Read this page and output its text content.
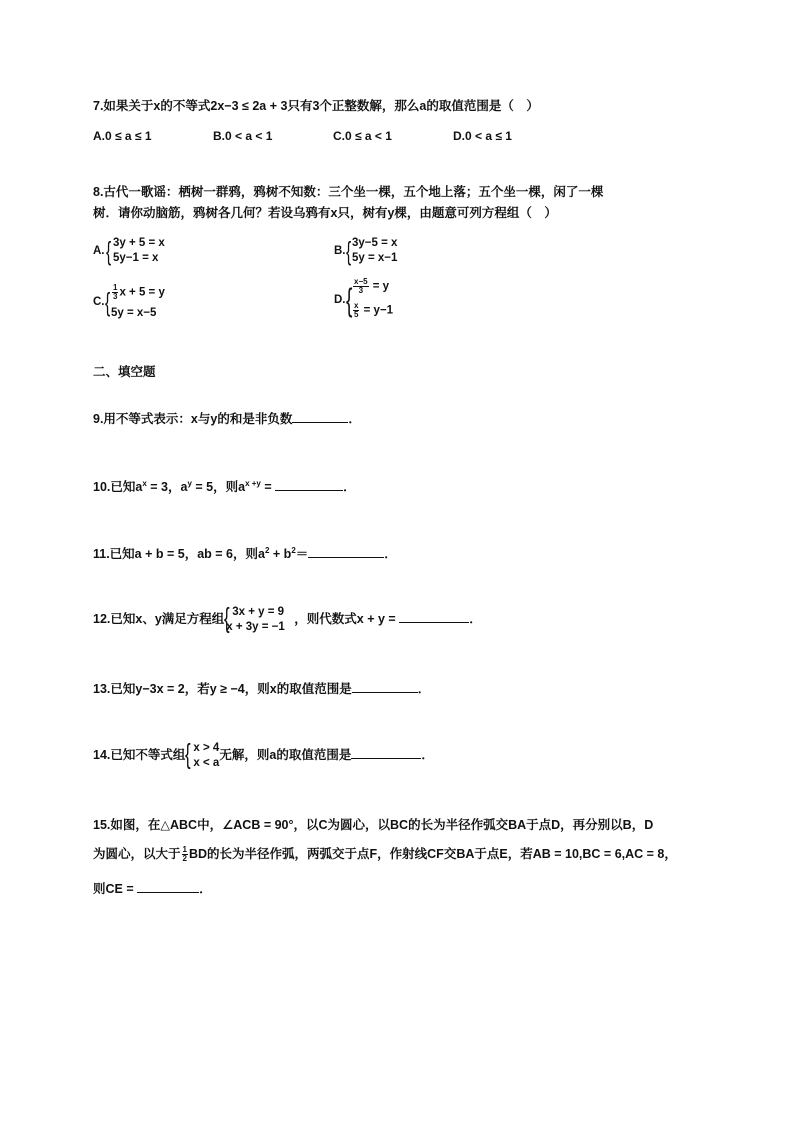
7.如果关于x的不等式2x−3 ≤ 2a + 3只有3个正整数解，那么a的取值范围是（　）
A.0 ≤ a ≤ 1	B.0 < a < 1	C.0 ≤ a < 1	D.0 < a ≤ 1
8.古代一歌谣：栖树一群鸦，鸦树不知数：三个坐一棵，五个地上落；五个坐一棵，闲了一棵
树．请你动脑筋，鸦树各几何？若设乌鸦有x只，树有y棵，由题意可列方程组（　）
A. { 3y + 5 = x
5y−1 = x
B. { 3y−5 = x
5y = x−1
C. { $\frac{1}{3}$ x + 5 = y
5y = x−5
D. { $\frac{x-5}{3} = y$
$\frac{x}{5} = y-1$
二、填空题
9.用不等式表示：x与y的和是非负数	．
10.已知$a^x = 3$，$a^y = 5$，则$a^{x +y}$ =	．
11.已知a + b = 5，ab = 6，则$a^2 + b^2=$	．
12.已知x、y满足方程组 { 3x + y = 9
x + 3y = −1
，则代数式x + y =	．
13.已知y−3x = 2，若y ≥ −4，则x的取值范围是	．
14.已知不等式组 { x > 4
x < a
无解，则a的取值范围是	．
15.如图，在△ABC中，∠ACB = 90°，以C为圆心，以BC的长为半径作弧交BA于点D，再分别以B，D
为圆心，以大于 $\frac{1}{2}$ BD的长为半径作弧，两弧交于点F，作射线CF交BA于点E，若AB = 10,BC = 6,AC = 8，
则CE =	．
